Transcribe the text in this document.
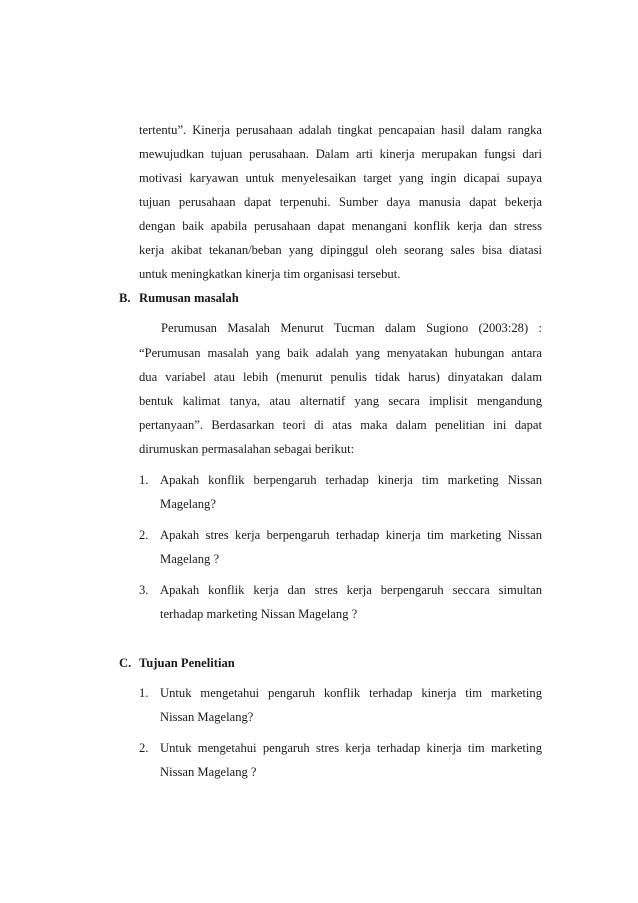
tertentu”. Kinerja perusahaan adalah tingkat pencapaian hasil dalam rangka
mewujudkan tujuan perusahaan. Dalam arti kinerja merupakan fungsi dari
motivasi karyawan untuk menyelesaikan target yang ingin dicapai supaya
tujuan perusahaan dapat terpenuhi. Sumber daya manusia dapat bekerja
dengan baik apabila perusahaan dapat menangani konflik kerja dan stress
kerja akibat tekanan/beban yang dipinggul oleh seorang sales bisa diatasi
untuk meningkatkan kinerja tim organisasi tersebut.
B. Rumusan masalah
Perumusan Masalah Menurut Tucman dalam Sugiono (2003:28) :
“Perumusan masalah yang baik adalah yang menyatakan hubungan antara
dua variabel atau lebih (menurut penulis tidak harus) dinyatakan dalam
bentuk kalimat tanya, atau alternatif yang secara implisit mengandung
pertanyaan”. Berdasarkan teori di atas maka dalam penelitian ini dapat
dirumuskan permasalahan sebagai berikut:
1. Apakah konflik berpengaruh terhadap kinerja tim marketing Nissan
Magelang?
2. Apakah stres kerja berpengaruh terhadap kinerja tim marketing Nissan
Magelang ?
3. Apakah konflik kerja dan stres kerja berpengaruh seccara simultan
terhadap marketing Nissan Magelang ?
C. Tujuan Penelitian
1. Untuk mengetahui pengaruh konflik terhadap kinerja tim marketing
Nissan Magelang?
2. Untuk mengetahui pengaruh stres kerja terhadap kinerja tim marketing
Nissan Magelang ?
